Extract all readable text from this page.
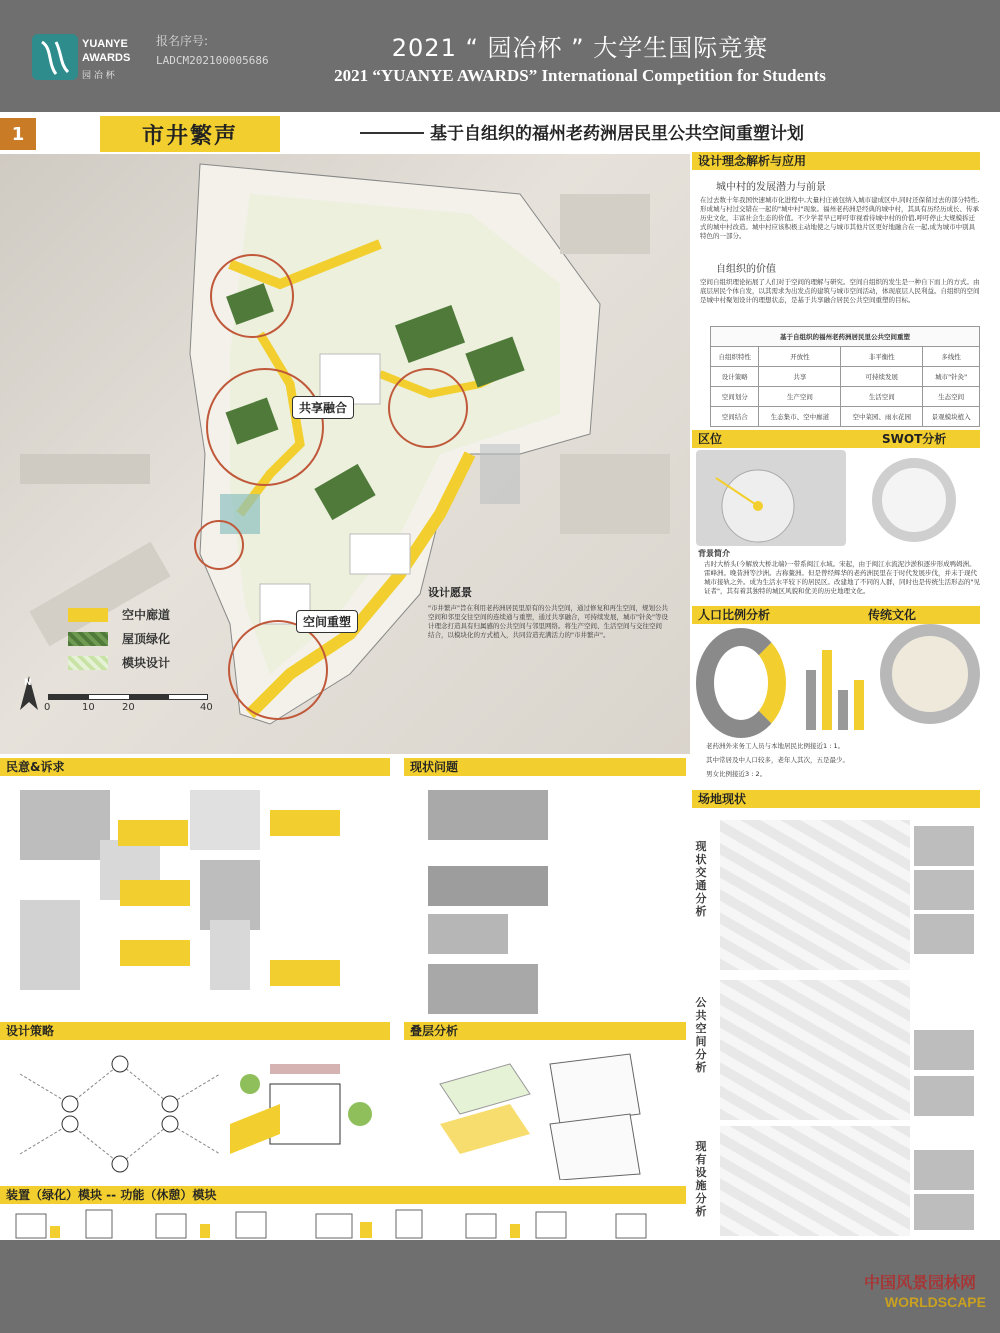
YUANYE
AWARDS
园 冶 杯
报名序号:
LADCM202100005686	2021 “ 园冶杯 ” 大学生国际竞赛
2021 “YUANYE AWARDS” International Competition for Students
1	市井繁声	基于自组织的福州老药洲居民里公共空间重塑计划
共享融合
空间重塑
空中廊道
屋顶绿化
模块设计
N
0	10	20	40
设计愿景
"市井繁声"旨在利用老药洲居民里原有的公共空间，通过修复和再生空间，规划公共空间和邻里交往空间的连续通与重塑，通过共享融合，可持续发展，城市"针灸"等设计理念打造具有归属感的公共空间与邻里网络。将生产空间、生活空间与交往空间结合，以模块化的方式植入，共同营造充满活力的"市井繁声"。
设计理念解析与应用
城中村的发展潜力与前景
在过去数十年我国快速城市化进程中,大量村庄被包纳入城市建成区中,同时还保留过去的部分特性,形成城与村过交错在一起的"城中村"现象。福州老药洲是经典的城中村，其具有历经历成长、传承历史文化，丰富社会生态的价值。不少学者早已呼吁审视看待城中村的价值,呼吁停止大规模拆迁式的城中村改造。城中村应该积极主动地使之与城市其他片区更好地融合在一起,成为城市中别具特色的一部分。
自组织的价值
空间自组织理论拓展了人们对于空间的理解与研究。空间自组织的发生是一种自下而上的方式。由底层居民个体自发，以其需求为出发点的建筑与城市空间活动，体现底层人民利益。自组织的空间是城中村聚划设计的理想状态，是基于共享融合居民公共空间重塑的目标。
基于自组织的福州老药洲居民里公共空间重塑			
自组织特性	开放性	非平衡性	多线性
设计策略	共享	可持续发展	城市"针灸"
空间划分	生产空间	生活空间	生态空间
空间结合	生态集市、空中廊道	空中菜园、雨水花园	景观模块植入
区位	SWOT分析
背景简介
古时大桥头(今解放大桥北端)一带系闽江水域。宋起，由于闽江水流泥沙淤积逐步形成鸭姆洲。雷峰洲。晚昔洲等沙洲。古称鳌洲。但是曾经辉华的老药洲民里在于时代发展步伐，并未于现代城市接轨之外。成为生活水平较下的居民区。改建地了不同的人群，同时也是传统生活形态的"见证者"，其有着其独特的城区风貌和优美的历史地理文化。
人口比例分析	传统文化
老药洲外来务工人员与本地居民比例接近1 : 1。
其中常居及中人口较多，老年人其次，五是最少。
男女比例接近3 : 2。
场地现状
现状交通分析
公共空间分析
现有设施分析
民意&诉求	现状问题
设计策略	叠层分析
装置（绿化）模块 -- 功能（休憩）模块
中国风景园林网
WORLDSCAPE
